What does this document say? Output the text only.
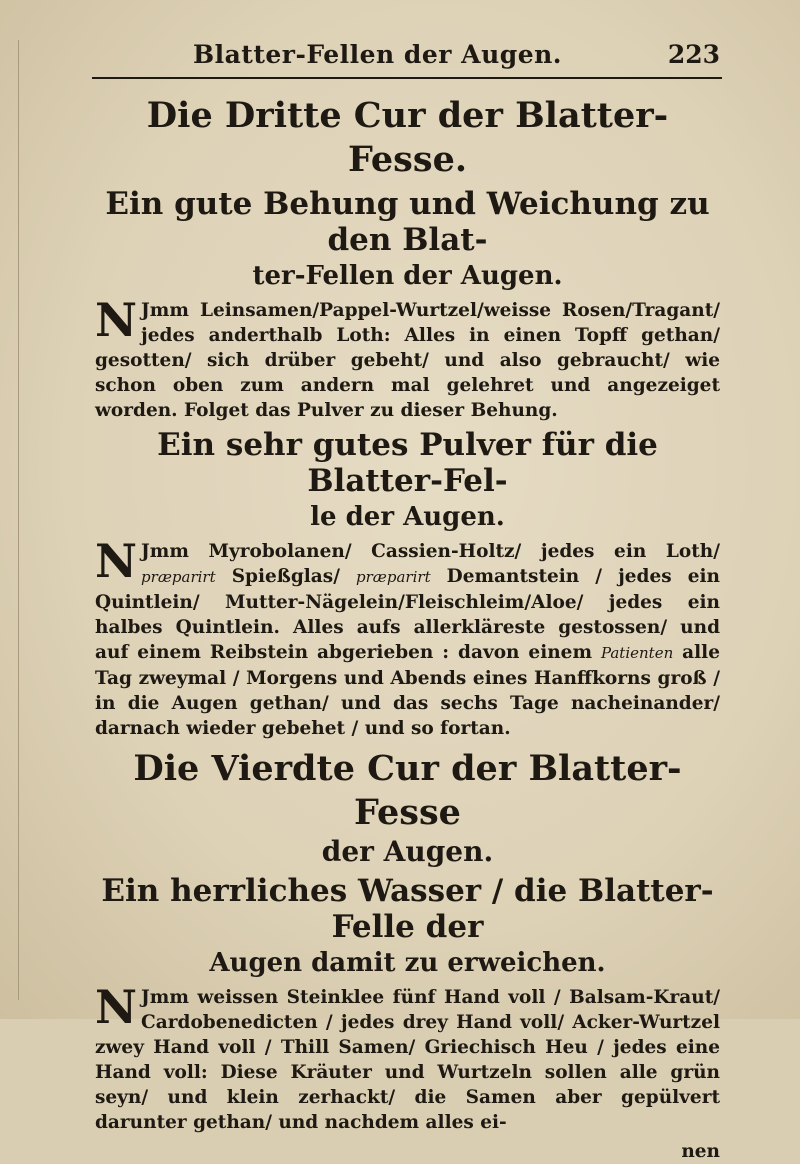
Blatter-Fellen der Augen.	223
Die Dritte Cur der Blatter-Fesse.
Ein gute Behung und Weichung zu den Blat-
ter-Fellen der Augen.

N Jmm Leinsamen/Pappel-Wurtzel/weisse Rosen/Tragant/ jedes anderthalb Loth: Alles in einen Topff gethan/ gesotten/ sich drüber gebeht/ und also gebraucht/ wie schon oben zum andern mal gelehret und angezeiget worden. Folget das Pulver zu dieser Behung.

Ein sehr gutes Pulver für die Blatter-Fel-
le der Augen.

N Jmm Myrobolanen/ Cassien-Holtz/ jedes ein Loth/ præparirt Spießglas/ præparirt Demantstein / jedes ein Quintlein/ Mutter-Nägelein/Fleischleim/Aloe/ jedes ein halbes Quintlein. Alles aufs allerkläreste gestossen/ und auf einem Reibstein abgerieben : davon einem Patienten alle Tag zweymal / Morgens und Abends eines Hanffkorns groß / in die Augen gethan/ und das sechs Tage nacheinander/ darnach wieder gebehet / und so fortan.

Die Vierdte Cur der Blatter-Fesse
der Augen.
Ein herrliches Wasser / die Blatter-Felle der
Augen damit zu erweichen.

N Jmm weissen Steinklee fünf Hand voll / Balsam-Kraut/ Cardobenedicten / jedes drey Hand voll/ Acker-Wurtzel zwey Hand voll / Thill Samen/ Griechisch Heu / jedes eine Hand voll: Diese Kräuter und Wurtzeln sollen alle grün seyn/ und klein zerhackt/ die Samen aber gepülvert darunter gethan/ und nachdem alles ei-

nen
